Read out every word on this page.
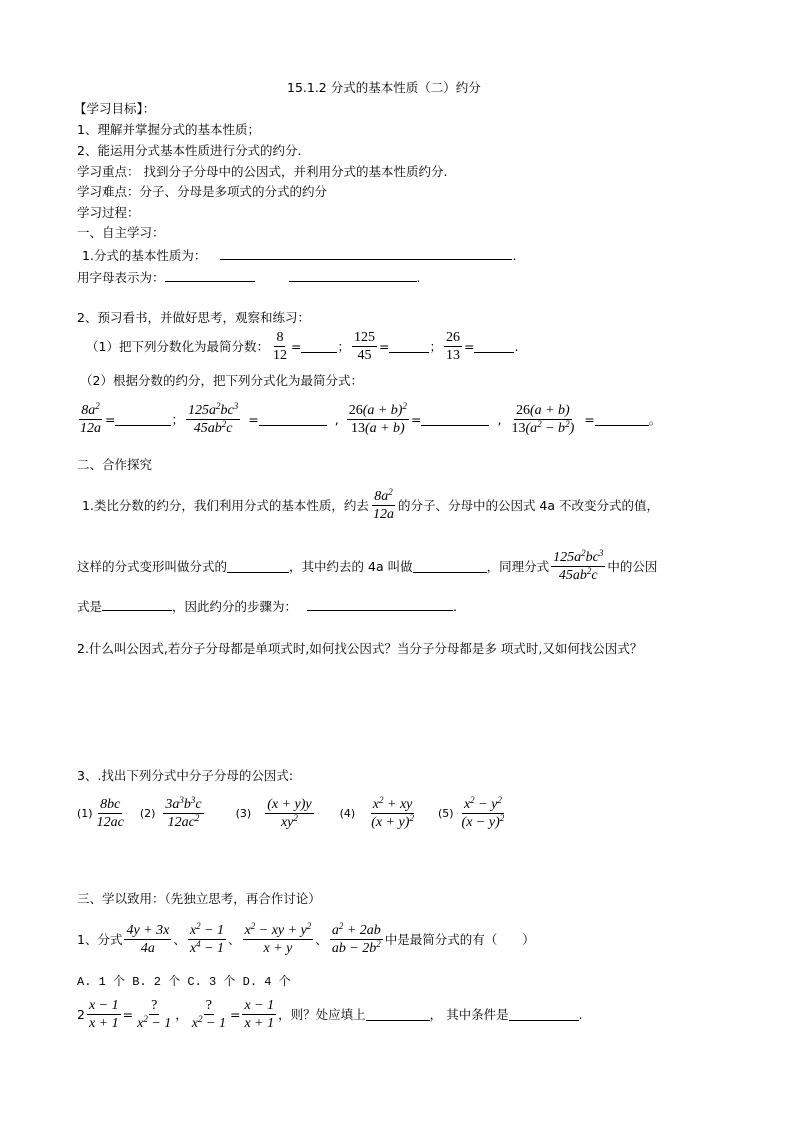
15.1.2 分式的基本性质（二）约分
【学习目标】：
1、理解并掌握分式的基本性质；
2、能运用分式基本性质进行分式的约分.
学习重点： 找到分子分母中的公因式，并利用分式的基本性质约分.
学习难点：分子、分母是多项式的分式的约分
学习过程：
一、自主学习：
1.分式的基本性质为：	.
用字母表示为：	.
2、预习看书，并做好思考，观察和练习：
（1）把下列分数化为最简分数： $\frac{8}{12}$ =	； $\frac{125}{45}$ =	； $\frac{26}{13}$ =	.
（2）根据分数的约分，把下列分式化为最简分式：
$\frac{8a^2}{12a}$ =	； $\frac{125a^2bc^3}{45ab^2c}$ =	, $\frac{26(a + b)^2}{13(a + b)}$ =	, $\frac{26(a + b)}{13(a^2 - b^2)}$ =	。
二、合作探究
1.类比分数的约分，我们利用分式的基本性质，约去 $\frac{8a^2}{12a}$ 的分子、分母中的公因式 4a 不改变分式的值，
这样的分式变形叫做分式的	，其中约去的 4a 叫做	，同理分式 $\frac{125a^2bc^3}{45ab^2c}$ 中的公因
式是	，因此约分的步骤为：	.
2.什么叫公因式,若分子分母都是单项式时,如何找公因式？当分子分母都是多 项式时,又如何找公因式？
3、.找出下列分式中分子分母的公因式:
$(1) \frac{8bc}{12ac} (2) \frac{3a^3b^3c}{12ac^2}$	$(3) \frac{(x + y)y}{xy^2} (4) \frac{x^2 + xy}{(x + y)^2} (5) \frac{x^2 - y^2}{(x - y)^2}$
三、学以致用：（先独立思考，再合作讨论）
1、分式 $\frac{4y + 3x}{4a}$ 、 $\frac{x^2 - 1}{x^4 - 1}$ 、 $\frac{x^2 - xy + y^2}{x + y}$ 、 $\frac{a^2 + 2ab}{ab - 2b^2}$ 中是最简分式的有（　　）
A. 1 个 B. 2 个 C. 3 个 D. 4 个
$2 \frac{x - 1}{x + 1} = \frac{?}{x^2 - 1}$ ， $\frac{?}{x^2 - 1} = \frac{x - 1}{x + 1}$ ，则？处应填上	， 其中条件是	.
